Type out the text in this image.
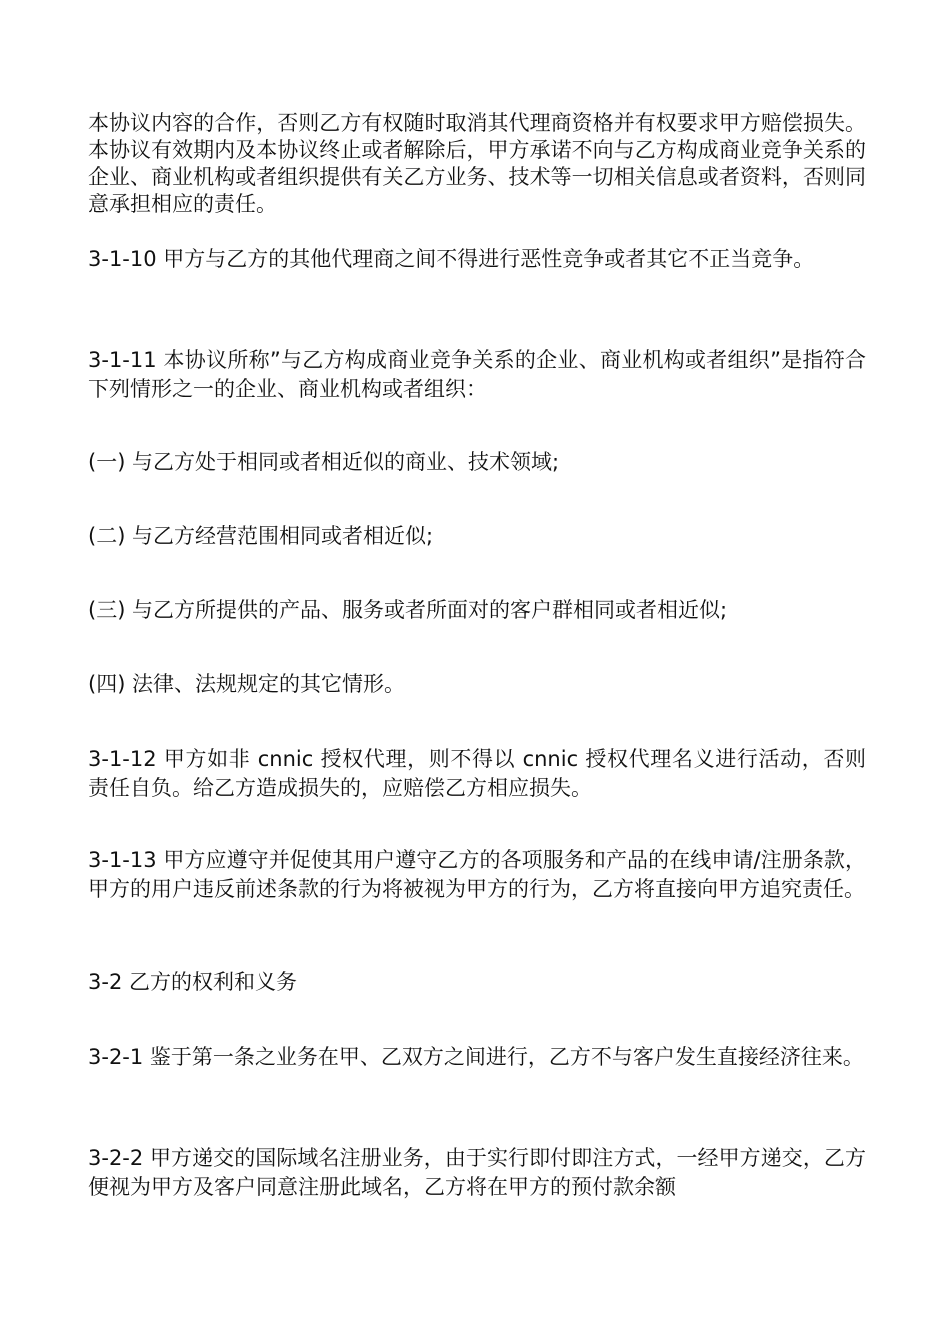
本协议内容的合作，否则乙方有权随时取消其代理商资格并有权要求甲方赔偿损失。本协议有效期内及本协议终止或者解除后，甲方承诺不向与乙方构成商业竞争关系的企业、商业机构或者组织提供有关乙方业务、技术等一切相关信息或者资料，否则同意承担相应的责任。

3-1-10 甲方与乙方的其他代理商之间不得进行恶性竞争或者其它不正当竞争。

3-1-11 本协议所称”与乙方构成商业竞争关系的企业、商业机构或者组织”是指符合下列情形之一的企业、商业机构或者组织：

(一) 与乙方处于相同或者相近似的商业、技术领域;

(二) 与乙方经营范围相同或者相近似;

(三) 与乙方所提供的产品、服务或者所面对的客户群相同或者相近似;

(四) 法律、法规规定的其它情形。

3-1-12 甲方如非 cnnic 授权代理，则不得以 cnnic 授权代理名义进行活动，否则责任自负。给乙方造成损失的，应赔偿乙方相应损失。

3-1-13 甲方应遵守并促使其用户遵守乙方的各项服务和产品的在线申请/注册条款，甲方的用户违反前述条款的行为将被视为甲方的行为，乙方将直接向甲方追究责任。

3-2 乙方的权利和义务

3-2-1 鉴于第一条之业务在甲、乙双方之间进行，乙方不与客户发生直接经济往来。

3-2-2 甲方递交的国际域名注册业务，由于实行即付即注方式，一经甲方递交，乙方便视为甲方及客户同意注册此域名，乙方将在甲方的预付款余额
